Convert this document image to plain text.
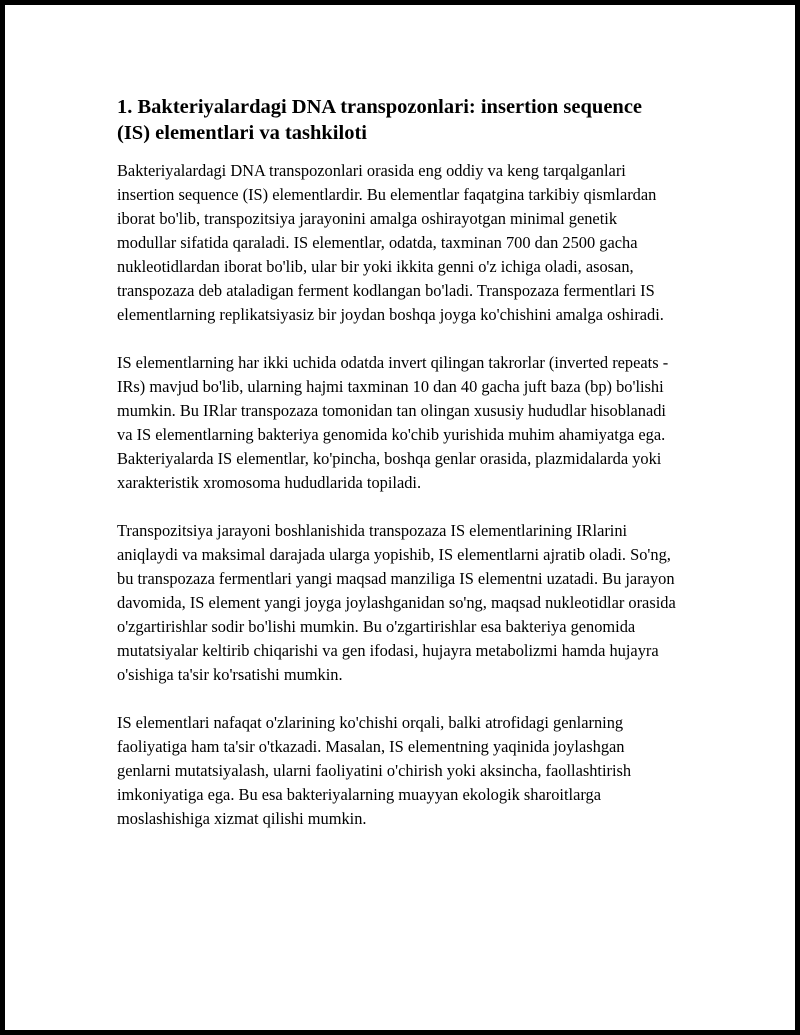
1. Bakteriyalardagi DNA transpozonlari: insertion sequence (IS) elementlari va tashkiloti

Bakteriyalardagi DNA transpozonlari orasida eng oddiy va keng tarqalganlari insertion sequence (IS) elementlardir. Bu elementlar faqatgina tarkibiy qismlardan iborat bo'lib, transpozitsiya jarayonini amalga oshirayotgan minimal genetik modullar sifatida qaraladi. IS elementlar, odatda, taxminan 700 dan 2500 gacha nukleotidlardan iborat bo'lib, ular bir yoki ikkita genni o'z ichiga oladi, asosan, transpozaza deb ataladigan ferment kodlangan bo'ladi. Transpozaza fermentlari IS elementlarning replikatsiyasiz bir joydan boshqa joyga ko'chishini amalga oshiradi.

IS elementlarning har ikki uchida odatda invert qilingan takrorlar (inverted repeats - IRs) mavjud bo'lib, ularning hajmi taxminan 10 dan 40 gacha juft baza (bp) bo'lishi mumkin. Bu IRlar transpozaza tomonidan tan olingan xususiy hududlar hisoblanadi va IS elementlarning bakteriya genomida ko'chib yurishida muhim ahamiyatga ega. Bakteriyalarda IS elementlar, ko'pincha, boshqa genlar orasida, plazmidalarda yoki xarakteristik xromosoma hududlarida topiladi.

Transpozitsiya jarayoni boshlanishida transpozaza IS elementlarining IRlarini aniqlaydi va maksimal darajada ularga yopishib, IS elementlarni ajratib oladi. So'ng, bu transpozaza fermentlari yangi maqsad manziliga IS elementni uzatadi. Bu jarayon davomida, IS element yangi joyga joylashganidan so'ng, maqsad nukleotidlar orasida o'zgartirishlar sodir bo'lishi mumkin. Bu o'zgartirishlar esa bakteriya genomida mutatsiyalar keltirib chiqarishi va gen ifodasi, hujayra metabolizmi hamda hujayra o'sishiga ta'sir ko'rsatishi mumkin.

IS elementlari nafaqat o'zlarining ko'chishi orqali, balki atrofidagi genlarning faoliyatiga ham ta'sir o'tkazadi. Masalan, IS elementning yaqinida joylashgan genlarni mutatsiyalash, ularni faoliyatini o'chirish yoki aksincha, faollashtirish imkoniyatiga ega. Bu esa bakteriyalarning muayyan ekologik sharoitlarga moslashishiga xizmat qilishi mumkin.
